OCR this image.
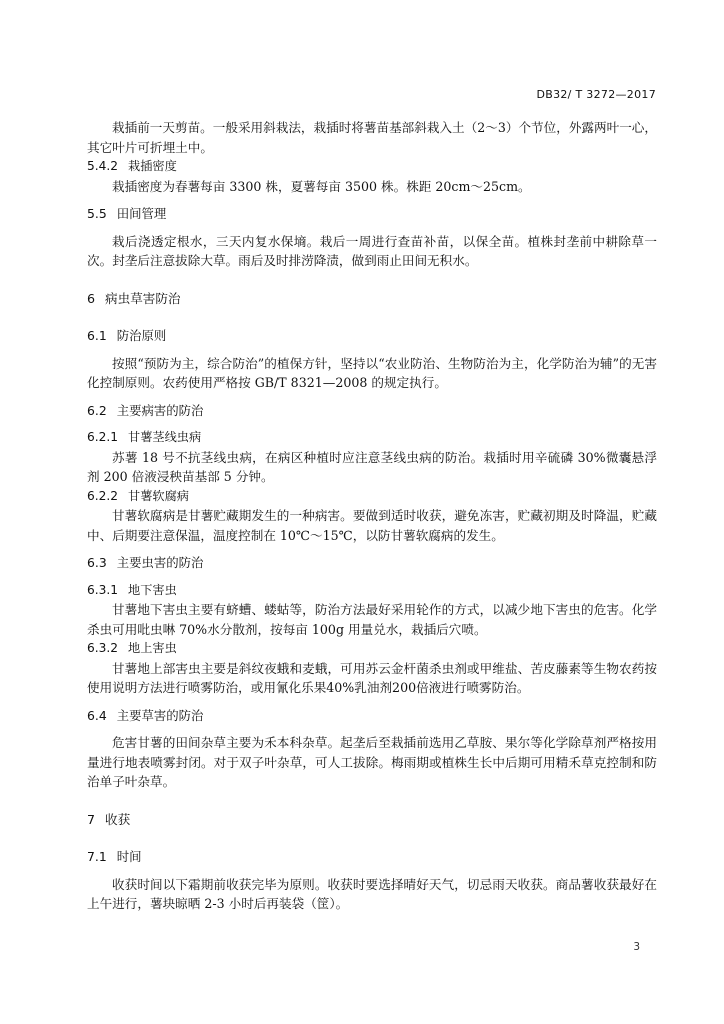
DB32/ T 3272—2017

栽插前一天剪苗。一般采用斜栽法，栽插时将薯苗基部斜栽入土（2～3）个节位，外露两叶一心，其它叶片可折埋土中。

5.4.2 栽插密度

栽插密度为春薯每亩 3300 株，夏薯每亩 3500 株。株距 20cm～25cm。

5.5 田间管理

栽后浇透定根水，三天内复水保墒。栽后一周进行查苗补苗，以保全苗。植株封垄前中耕除草一次。封垄后注意拔除大草。雨后及时排涝降渍，做到雨止田间无积水。

6 病虫草害防治
6.1 防治原则

按照“预防为主，综合防治”的植保方针，坚持以“农业防治、生物防治为主，化学防治为辅”的无害化控制原则。农药使用严格按 GB/T 8321—2008 的规定执行。

6.2 主要病害的防治
6.2.1 甘薯茎线虫病

苏薯 18 号不抗茎线虫病，在病区种植时应注意茎线虫病的防治。栽插时用辛硫磷 30%微囊悬浮剂 200 倍液浸秧苗基部 5 分钟。

6.2.2 甘薯软腐病

甘薯软腐病是甘薯贮藏期发生的一种病害。要做到适时收获，避免冻害，贮藏初期及时降温，贮藏中、后期要注意保温，温度控制在 10℃～15℃，以防甘薯软腐病的发生。

6.3 主要虫害的防治
6.3.1 地下害虫

甘薯地下害虫主要有蛴螬、蝼蛄等，防治方法最好采用轮作的方式，以减少地下害虫的危害。化学杀虫可用吡虫啉 70%水分散剂，按每亩 100g 用量兑水，栽插后穴喷。

6.3.2 地上害虫

甘薯地上部害虫主要是斜纹夜蛾和麦蛾，可用苏云金杆菌杀虫剂或甲维盐、苦皮藤素等生物农药按使用说明方法进行喷雾防治，或用氰化乐果40%乳油剂200倍液进行喷雾防治。

6.4 主要草害的防治

危害甘薯的田间杂草主要为禾本科杂草。起垄后至栽插前选用乙草胺、果尔等化学除草剂严格按用量进行地表喷雾封闭。对于双子叶杂草，可人工拔除。梅雨期或植株生长中后期可用精禾草克控制和防治单子叶杂草。

7 收获
7.1 时间

收获时间以下霜期前收获完毕为原则。收获时要选择晴好天气，切忌雨天收获。商品薯收获最好在上午进行，薯块晾晒 2-3 小时后再装袋（筐）。

3
